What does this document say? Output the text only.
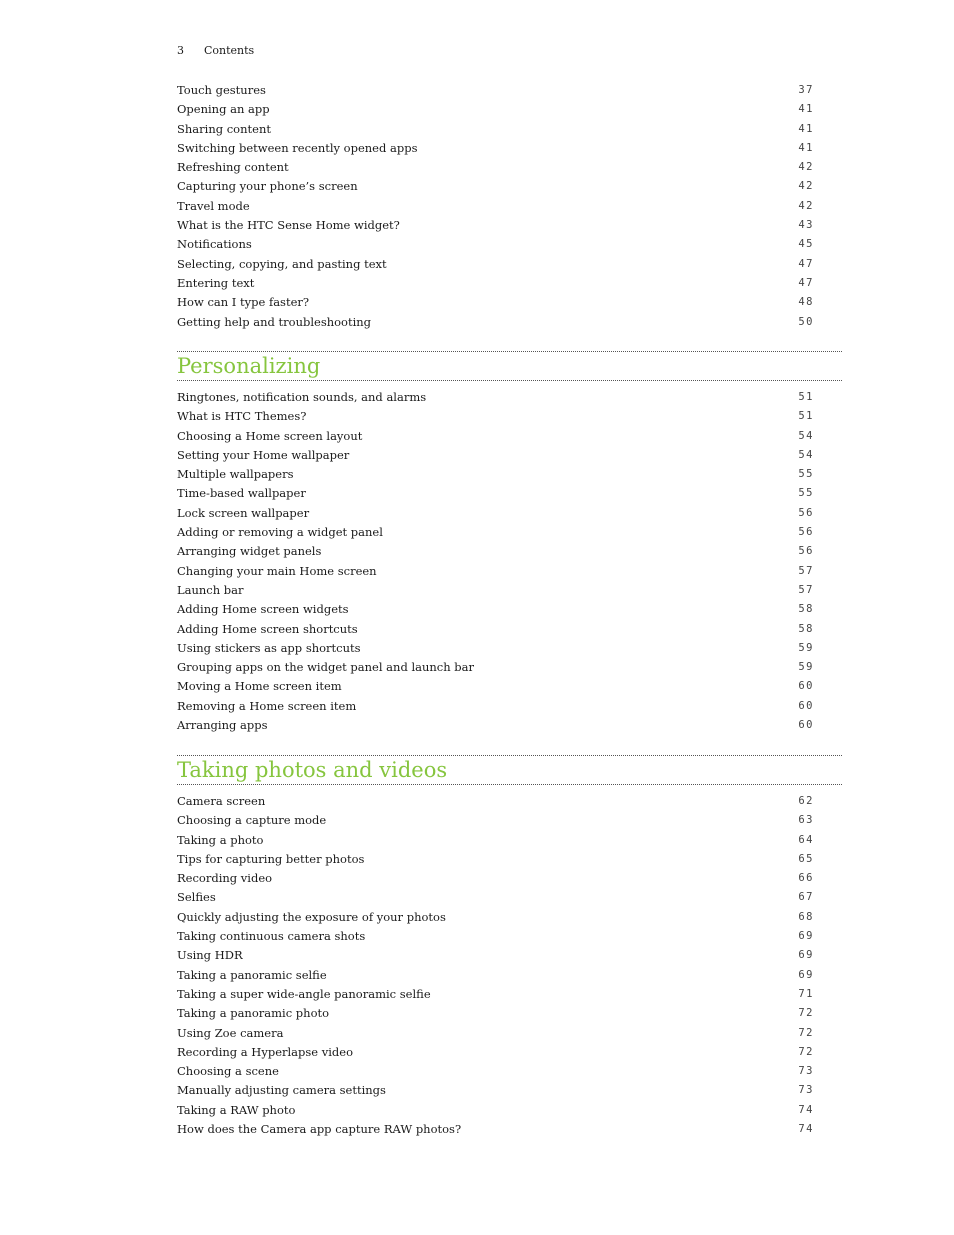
3 Contents
Touch gestures	37
Opening an app	41
Sharing content	41
Switching between recently opened apps	41
Refreshing content	42
Capturing your phone’s screen	42
Travel mode	42
What is the HTC Sense Home widget?	43
Notifications	45
Selecting, copying, and pasting text	47
Entering text	47
How can I type faster?	48
Getting help and troubleshooting	50
Personalizing
Ringtones, notification sounds, and alarms	51
What is HTC Themes?	51
Choosing a Home screen layout	54
Setting your Home wallpaper	54
Multiple wallpapers	55
Time-based wallpaper	55
Lock screen wallpaper	56
Adding or removing a widget panel	56
Arranging widget panels	56
Changing your main Home screen	57
Launch bar	57
Adding Home screen widgets	58
Adding Home screen shortcuts	58
Using stickers as app shortcuts	59
Grouping apps on the widget panel and launch bar	59
Moving a Home screen item	60
Removing a Home screen item	60
Arranging apps	60
Taking photos and videos
Camera screen	62
Choosing a capture mode	63
Taking a photo	64
Tips for capturing better photos	65
Recording video	66
Selfies	67
Quickly adjusting the exposure of your photos	68
Taking continuous camera shots	69
Using HDR	69
Taking a panoramic selfie	69
Taking a super wide-angle panoramic selfie	71
Taking a panoramic photo	72
Using Zoe camera	72
Recording a Hyperlapse video	72
Choosing a scene	73
Manually adjusting camera settings	73
Taking a RAW photo	74
How does the Camera app capture RAW photos?	74
